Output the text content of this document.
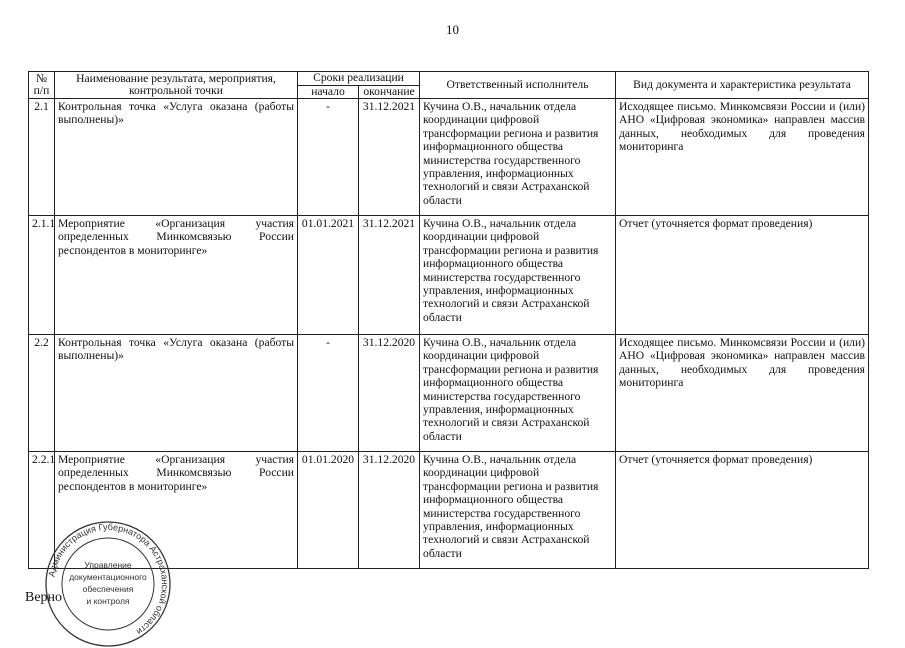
10
№ п/п	Наименование результата, мероприятия, контрольной точки	Сроки реализации		Ответственный исполнитель	Вид документа и характеристика результата
		начало	окончание		
2.1	Контрольная точка «Услуга оказана (работы выполнены)»	-	31.12.2021	Кучина О.В., начальник отдела координации цифровой трансформации региона и развития информационного общества министерства государственного управления, информационных технологий и связи Астраханской области	Исходящее письмо. Минкомсвязи России и (или) АНО «Цифровая экономика» направлен массив данных, необходимых для проведения мониторинга
2.1.1	Мероприятие «Организация участия определенных Минкомсвязью России респондентов в мониторинге»	01.01.2021	31.12.2021	Кучина О.В., начальник отдела координации цифровой трансформации региона и развития информационного общества министерства государственного управления, информационных технологий и связи Астраханской области	Отчет (уточняется формат проведения)
2.2	Контрольная точка «Услуга оказана (работы выполнены)»	-	31.12.2020	Кучина О.В., начальник отдела координации цифровой трансформации региона и развития информационного общества министерства государственного управления, информационных технологий и связи Астраханской области	Исходящее письмо. Минкомсвязи России и (или) АНО «Цифровая экономика» направлен массив данных, необходимых для проведения мониторинга
2.2.1	Мероприятие «Организация участия определенных Минкомсвязью России респондентов в мониторинге»	01.01.2020	31.12.2020	Кучина О.В., начальник отдела координации цифровой трансформации региона и развития информационного общества министерства государственного управления, информационных технологий и связи Астраханской области	Отчет (уточняется формат проведения)
Администрация Губернатора Астраханской области
Управление
документационного
обеспечения
и контроля
Верно
